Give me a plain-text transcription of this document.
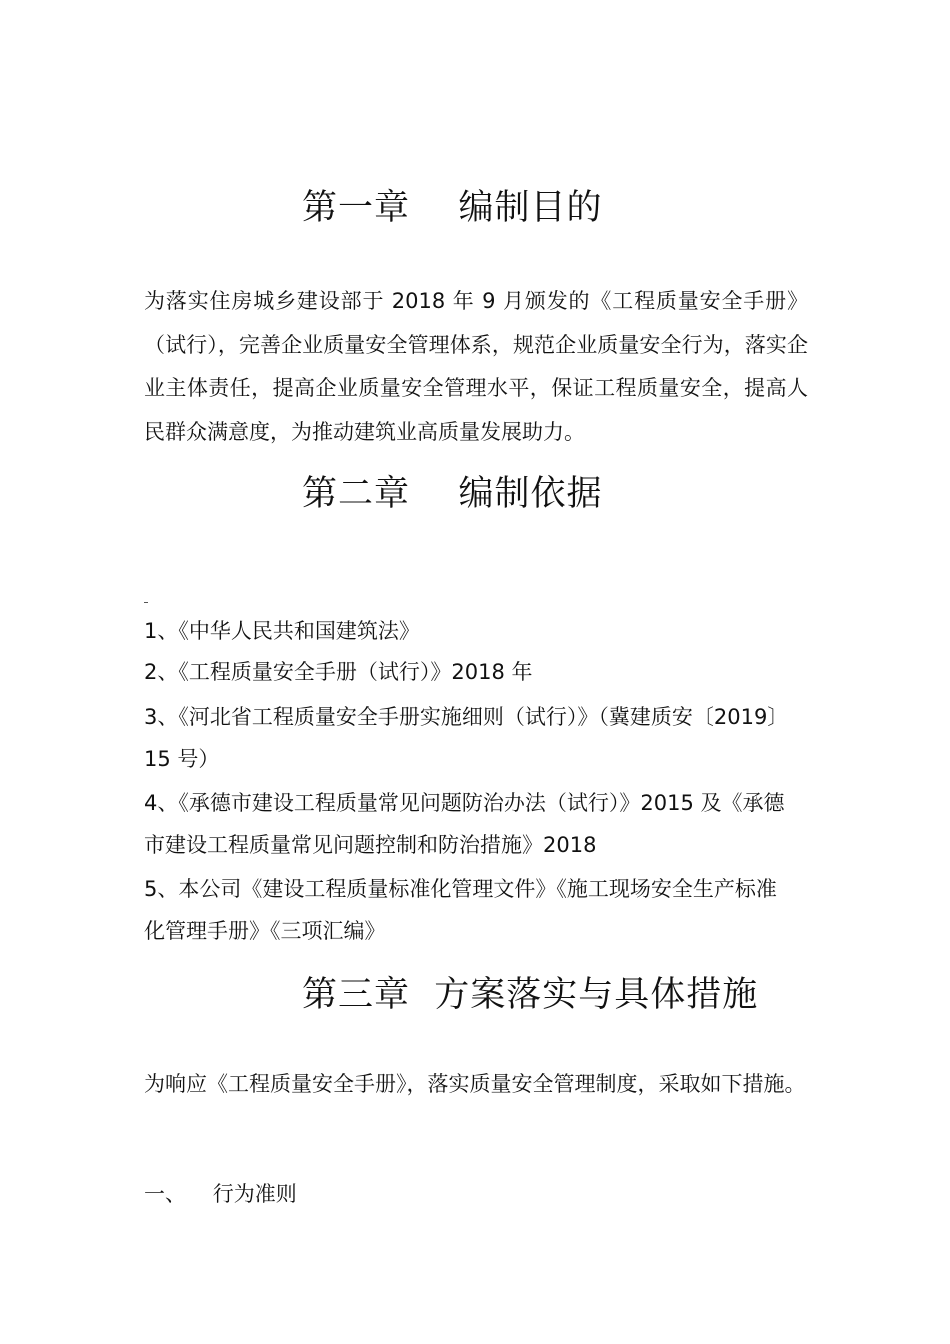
第一章    编制目的
为落实住房城乡建设部于 2018 年 9 月颁发的《工程质量安全手册》（试行），完善企业质量安全管理体系，规范企业质量安全行为，落实企业主体责任，提高企业质量安全管理水平，保证工程质量安全，提高人民群众满意度，为推动建筑业高质量发展助力。
第二章    编制依据
1、《中华人民共和国建筑法》
2、《工程质量安全手册（试行）》2018 年
3、《河北省工程质量安全手册实施细则（试行）》（冀建质安〔2019〕
15 号）
4、《承德市建设工程质量常见问题防治办法（试行）》2015 及《承德
市建设工程质量常见问题控制和防治措施》2018
5、本公司《建设工程质量标准化管理文件》《施工现场安全生产标准
化管理手册》《三项汇编》
第三章  方案落实与具体措施
为响应《工程质量安全手册》，落实质量安全管理制度，采取如下措施。
一、    行为准则
